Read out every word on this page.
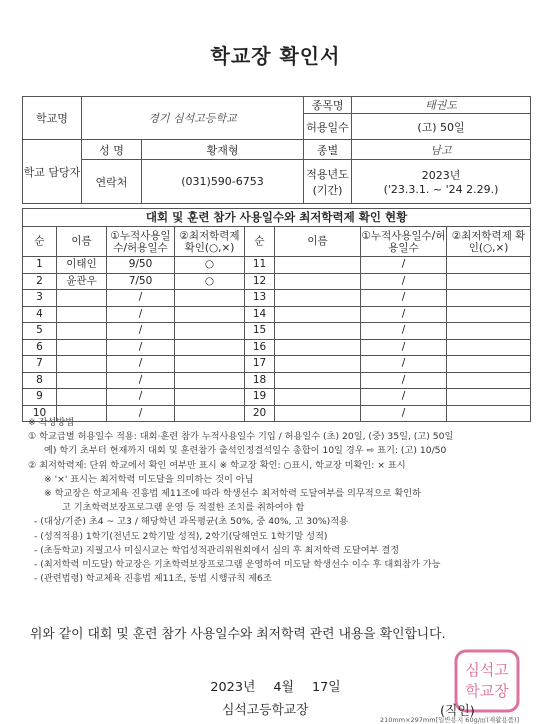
학교장 확인서
학교명	경기 심석고등학교		종목명	태권도
			허용일수	(고) 50일
학교 담당자	성 명	황재형	종별	남고
	연락처	(031)590-6753	적용년도 (기간)	2023년
('23.3.1. ~ '24 2.29.)
대회 및 훈련 참가 사용일수와 최저학력제 확인 현황							
순	이름	①누적사용일수/허용일수	②최저학력제 확인(○,×)	순	이름	①누적사용일수/허용일수	②최저학력제 확인(○,×)
1	이태인	9/50	○	11		/	
2	윤관우	7/50	○	12		/	
3		/		13		/	
4		/		14		/	
5		/		15		/	
6		/		16		/	
7		/		17		/	
8		/		18		/	
9		/		19		/	
10		/		20		/	
※ 작성방법
① 학교급별 허용일수 적용: 대회·훈련 참가 누적사용일수 기입 / 허용일수 (초) 20일, (중) 35일, (고) 50일
예) 학기 초부터 현재까지 대회 및 훈련참가 출석인정결석일수 총합이 10일 경우 ⇨ 표기: (고) 10/50
② 최저학력제: 단위 학교에서 확인 여부만 표시 ※ 학교장 확인: ○표시, 학교장 미확인: × 표시
※ '×' 표시는 최저학력 미도달을 의미하는 것이 아님
※ 학교장은 학교체육 진흥법 제11조에 따라 학생선수 최저학력 도달여부를 의무적으로 확인하
고 기초학력보장프로그램 운영 등 적절한 조치를 취하여야 함
- (대상/기준) 초4 ~ 고3 / 해당학년 과목평균(초 50%, 중 40%, 고 30%)적용
- (성적적용) 1학기(전년도 2학기말 성적), 2학기(당해연도 1학기말 성적)
- (초등학교) 지필고사 미실시교는 학업성적관리위원회에서 심의 후 최저학력 도달여부 결정
- (최저학력 미도달) 학교장은 기초학력보장프로그램 운영하여 미도달 학생선수 이수 후 대회참가 가능
- (관련법령) 학교체육 진흥법 제11조, 동법 시행규칙 제6조
위와 같이 대회 및 훈련 참가 사용일수와 최저학력 관련 내용을 확인합니다.
2023년 4월 17일
심석고등학교장
심석고
학교장
(직인)
210mm×297mm[일반용지 60g/㎡(재활용품)]
